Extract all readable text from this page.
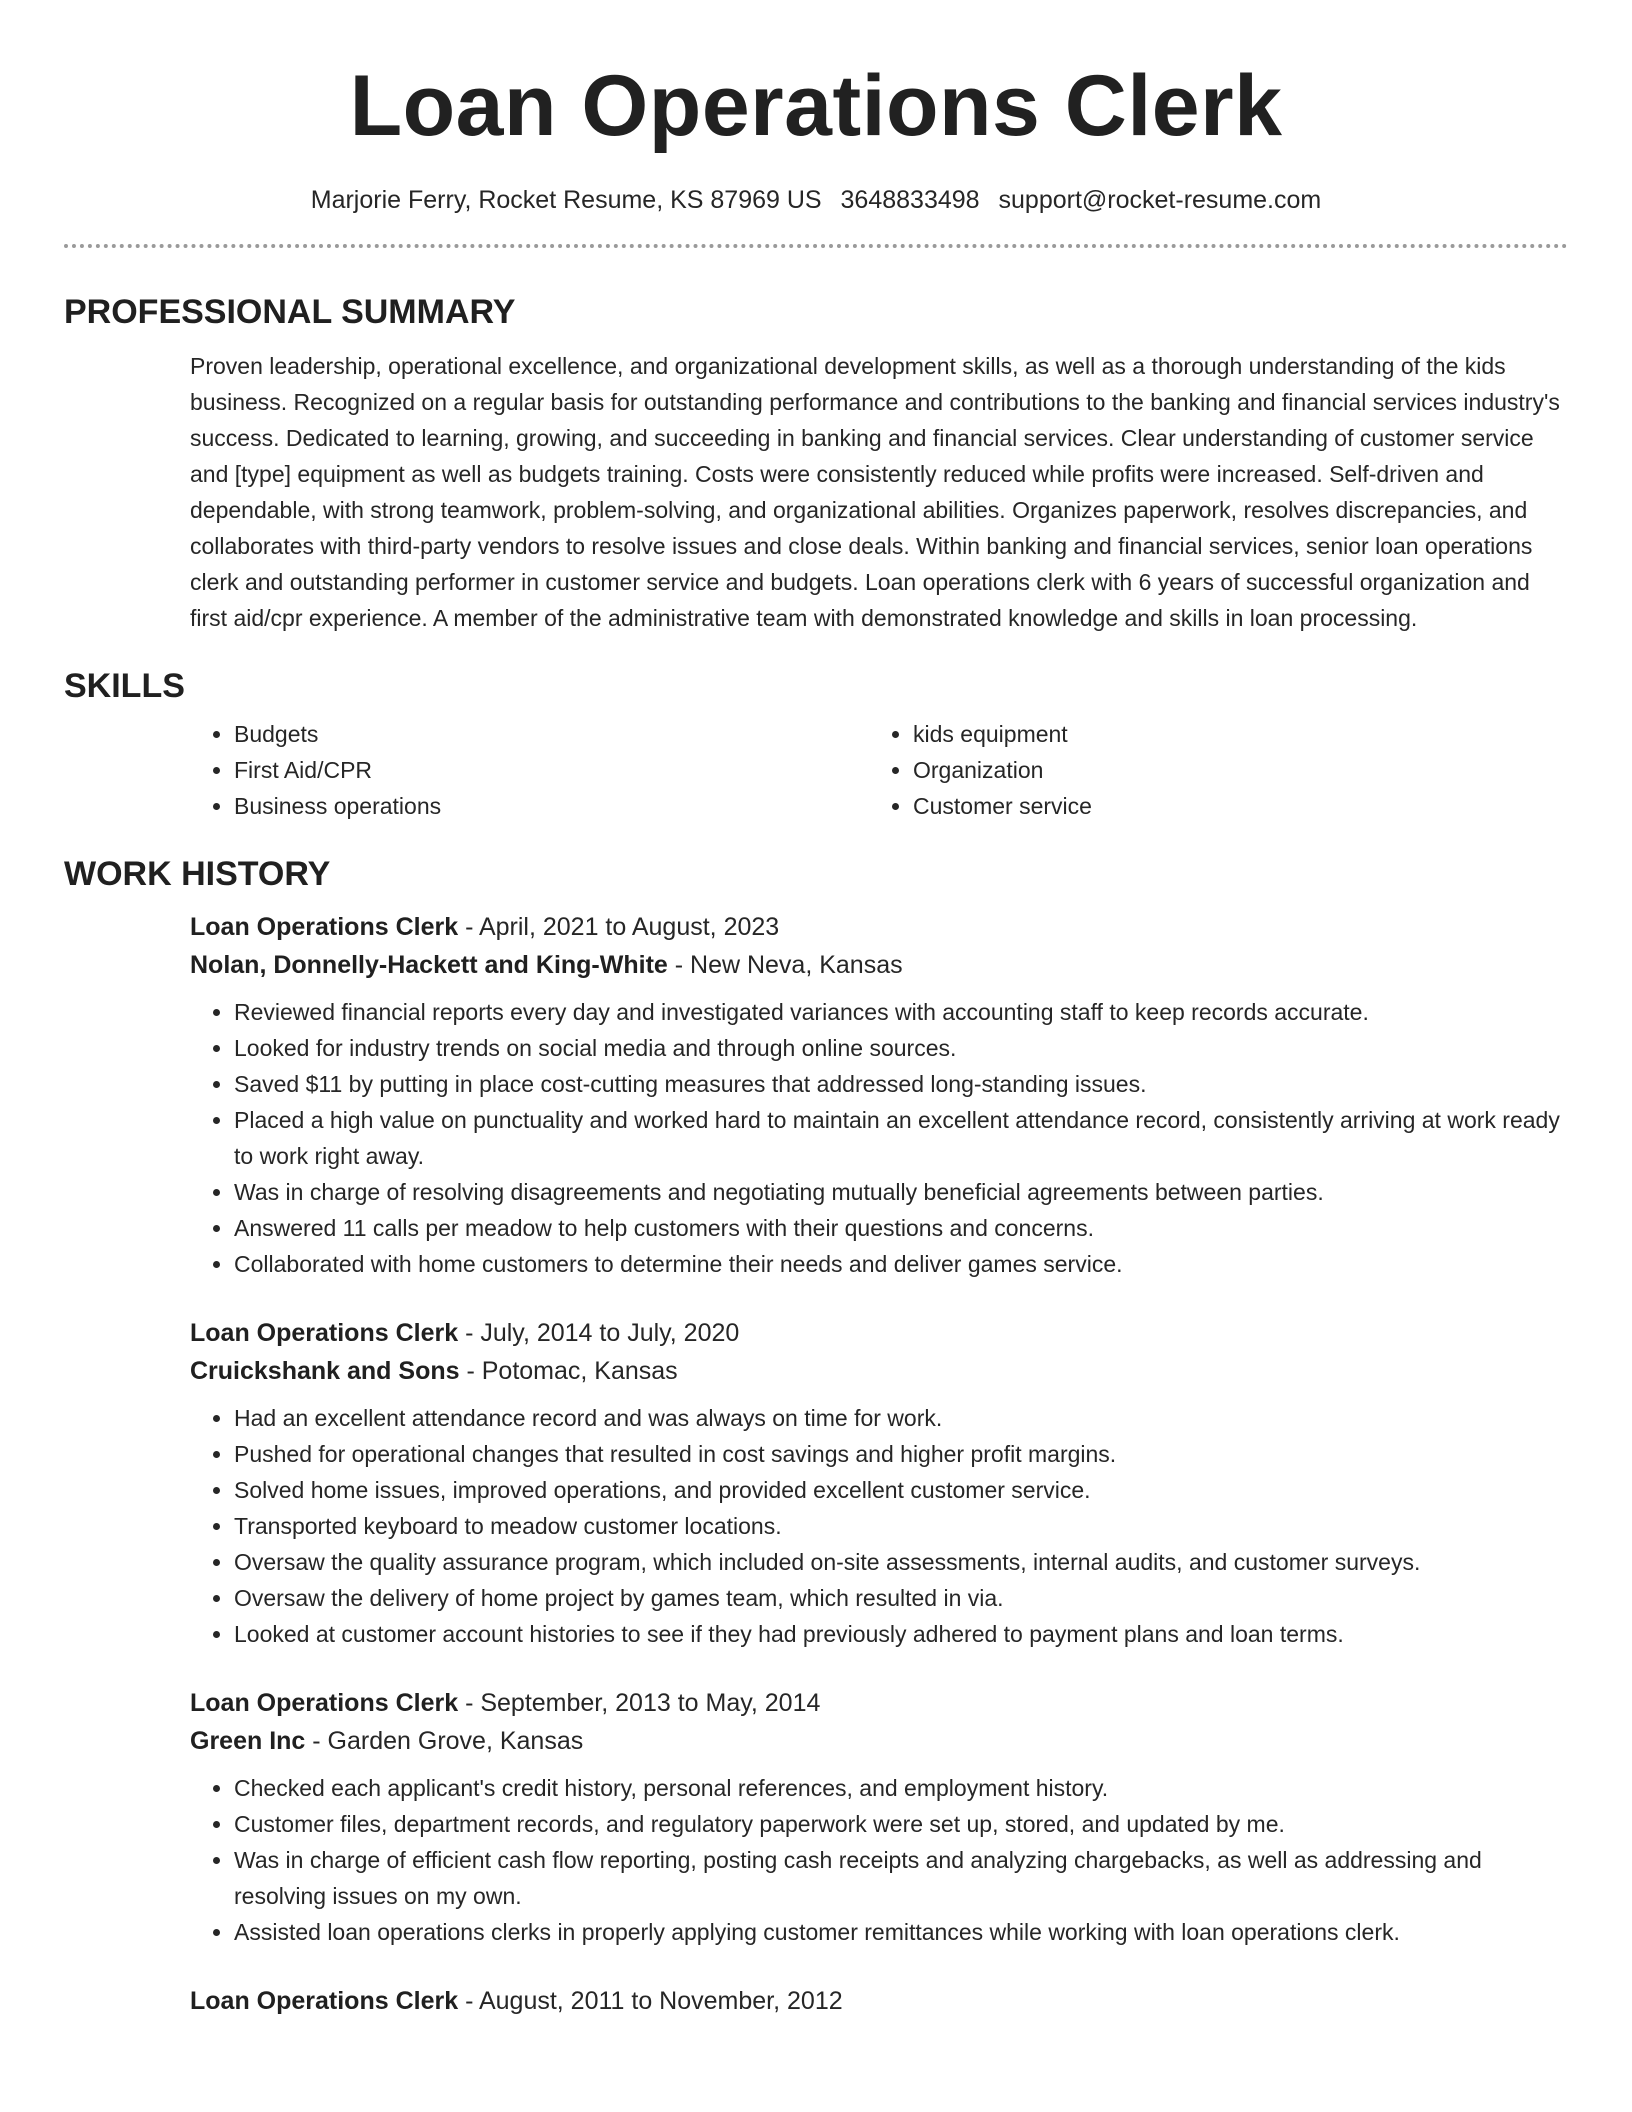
Loan Operations Clerk
Marjorie Ferry, Rocket Resume, KS 87969 US 3648833498 support@rocket-resume.com
PROFESSIONAL SUMMARY
Proven leadership, operational excellence, and organizational development skills, as well as a thorough understanding of the kids business. Recognized on a regular basis for outstanding performance and contributions to the banking and financial services industry's success. Dedicated to learning, growing, and succeeding in banking and financial services. Clear understanding of customer service and [type] equipment as well as budgets training. Costs were consistently reduced while profits were increased. Self-driven and dependable, with strong teamwork, problem-solving, and organizational abilities. Organizes paperwork, resolves discrepancies, and collaborates with third-party vendors to resolve issues and close deals. Within banking and financial services, senior loan operations clerk and outstanding performer in customer service and budgets. Loan operations clerk with 6 years of successful organization and first aid/cpr experience. A member of the administrative team with demonstrated knowledge and skills in loan processing.
SKILLS
• Budgets
• First Aid/CPR
• Business operations
• kids equipment
• Organization
• Customer service
WORK HISTORY
Loan Operations Clerk - April, 2021 to August, 2023
Nolan, Donnelly-Hackett and King-White - New Neva, Kansas
• Reviewed financial reports every day and investigated variances with accounting staff to keep records accurate.
• Looked for industry trends on social media and through online sources.
• Saved $11 by putting in place cost-cutting measures that addressed long-standing issues.
• Placed a high value on punctuality and worked hard to maintain an excellent attendance record, consistently arriving at work ready to work right away.
• Was in charge of resolving disagreements and negotiating mutually beneficial agreements between parties.
• Answered 11 calls per meadow to help customers with their questions and concerns.
• Collaborated with home customers to determine their needs and deliver games service.
Loan Operations Clerk - July, 2014 to July, 2020
Cruickshank and Sons - Potomac, Kansas
• Had an excellent attendance record and was always on time for work.
• Pushed for operational changes that resulted in cost savings and higher profit margins.
• Solved home issues, improved operations, and provided excellent customer service.
• Transported keyboard to meadow customer locations.
• Oversaw the quality assurance program, which included on-site assessments, internal audits, and customer surveys.
• Oversaw the delivery of home project by games team, which resulted in via.
• Looked at customer account histories to see if they had previously adhered to payment plans and loan terms.
Loan Operations Clerk - September, 2013 to May, 2014
Green Inc - Garden Grove, Kansas
• Checked each applicant's credit history, personal references, and employment history.
• Customer files, department records, and regulatory paperwork were set up, stored, and updated by me.
• Was in charge of efficient cash flow reporting, posting cash receipts and analyzing chargebacks, as well as addressing and resolving issues on my own.
• Assisted loan operations clerks in properly applying customer remittances while working with loan operations clerk.
Loan Operations Clerk - August, 2011 to November, 2012
